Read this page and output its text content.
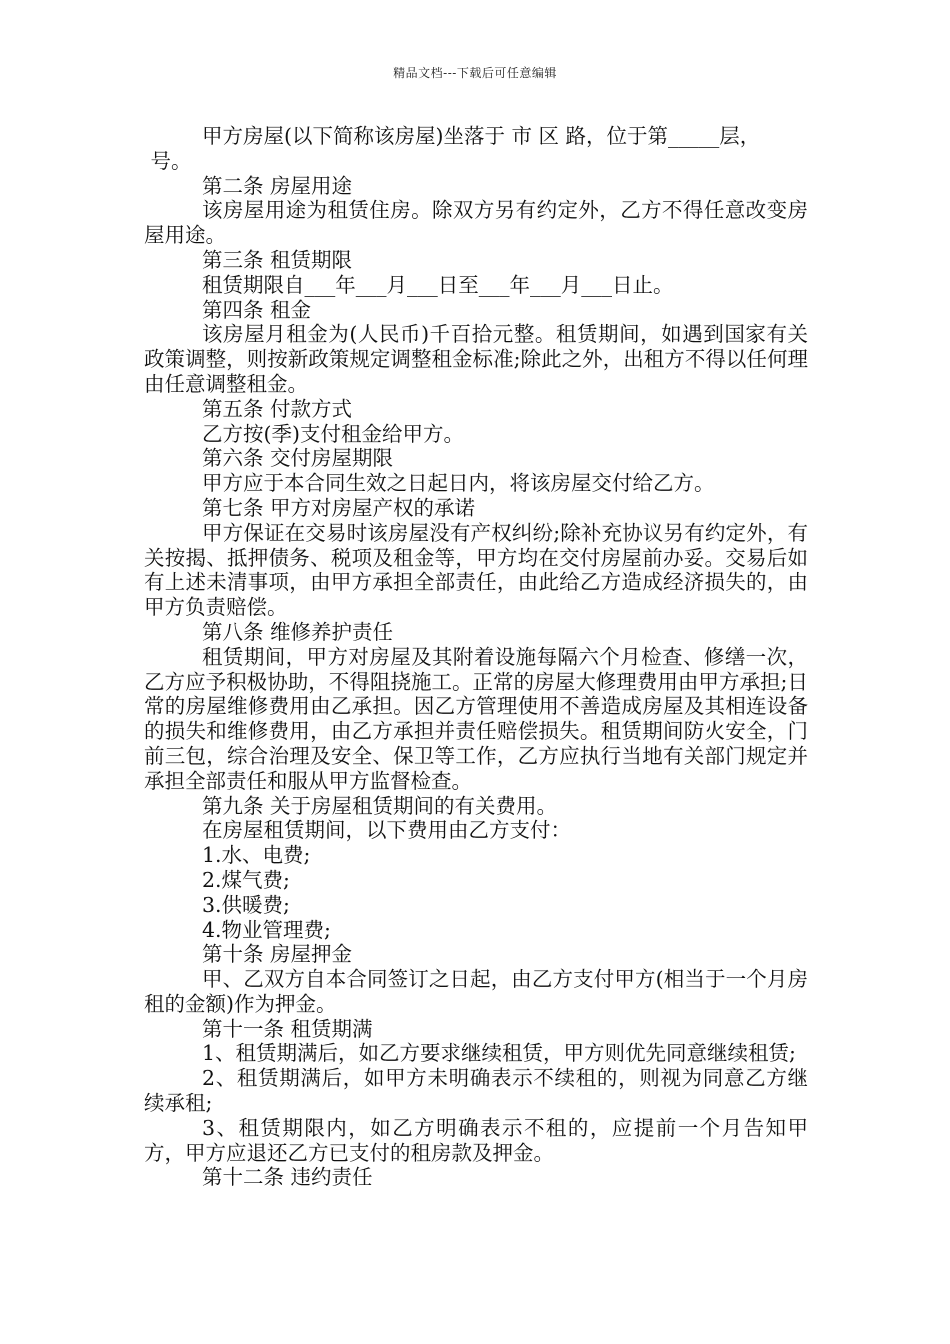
精品文档---下载后可任意编辑

甲方房屋(以下简称该房屋)坐落于 市 区 路，位于第_____层，

号。

第二条 房屋用途

该房屋用途为租赁住房。除双方另有约定外，乙方不得任意改变房屋用途。

第三条 租赁期限

租赁期限自___年___月___日至___年___月___日止。

第四条 租金

该房屋月租金为(人民币)千百拾元整。租赁期间，如遇到国家有关政策调整，则按新政策规定调整租金标准;除此之外，出租方不得以任何理由任意调整租金。

第五条 付款方式

乙方按(季)支付租金给甲方。

第六条 交付房屋期限

甲方应于本合同生效之日起日内，将该房屋交付给乙方。

第七条 甲方对房屋产权的承诺

甲方保证在交易时该房屋没有产权纠纷;除补充协议另有约定外，有关按揭、抵押债务、税项及租金等，甲方均在交付房屋前办妥。交易后如有上述未清事项，由甲方承担全部责任，由此给乙方造成经济损失的，由甲方负责赔偿。

第八条 维修养护责任

租赁期间，甲方对房屋及其附着设施每隔六个月检查、修缮一次，乙方应予积极协助，不得阻挠施工。正常的房屋大修理费用由甲方承担;日常的房屋维修费用由乙承担。因乙方管理使用不善造成房屋及其相连设备的损失和维修费用，由乙方承担并责任赔偿损失。租赁期间防火安全，门前三包，综合治理及安全、保卫等工作，乙方应执行当地有关部门规定并承担全部责任和服从甲方监督检查。

第九条 关于房屋租赁期间的有关费用。

在房屋租赁期间，以下费用由乙方支付：

1.水、电费;

2.煤气费;

3.供暖费;

4.物业管理费;

第十条 房屋押金

甲、乙双方自本合同签订之日起，由乙方支付甲方(相当于一个月房租的金额)作为押金。

第十一条 租赁期满

1、租赁期满后，如乙方要求继续租赁，甲方则优先同意继续租赁;

2、租赁期满后，如甲方未明确表示不续租的，则视为同意乙方继续承租;

3、租赁期限内，如乙方明确表示不租的，应提前一个月告知甲方，甲方应退还乙方已支付的租房款及押金。

第十二条 违约责任
